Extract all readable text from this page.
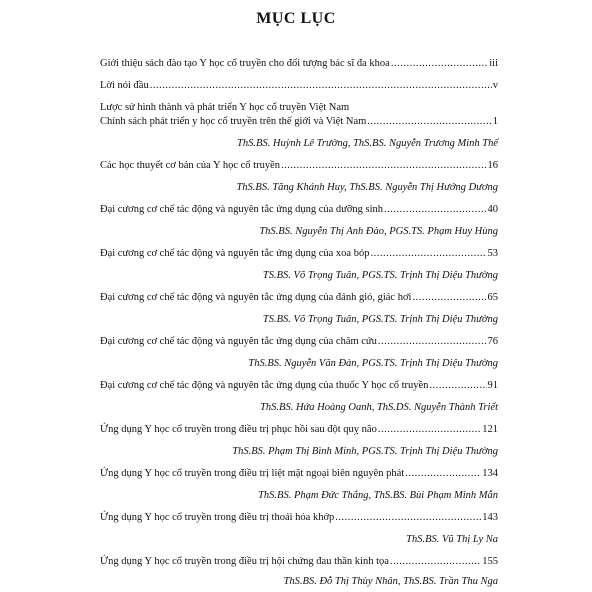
MỤC LỤC
Giới thiệu sách đào tạo Y học cổ truyền cho đối tượng bác sĩ đa khoa .....	iii
Lời nói đầu .....	v
Lược sử hình thành và phát triển Y học cổ truyền Việt Nam
Chính sách phát triển y học cổ truyền trên thế giới và Việt Nam .....	1
ThS.BS. Huỳnh Lê Trường, ThS.BS. Nguyễn Trương Minh Thế
Các học thuyết cơ bản của Y học cổ truyền .....	16
ThS.BS. Tăng Khánh Huy, ThS.BS. Nguyễn Thị Hướng Dương
Đại cương cơ chế tác động và nguyên tắc ứng dụng của dưỡng sinh .....	40
ThS.BS. Nguyễn Thị Anh Đào, PGS.TS. Phạm Huy Hùng
Đại cương cơ chế tác động và nguyên tắc ứng dụng của xoa bóp .....	53
TS.BS. Võ Trọng Tuân, PGS.TS. Trịnh Thị Diệu Thường
Đại cương cơ chế tác động và nguyên tắc ứng dụng của đánh gió, giác hơi .....	65
TS.BS. Võ Trọng Tuân, PGS.TS. Trịnh Thị Diệu Thường
Đại cương cơ chế tác động và nguyên tắc ứng dụng của châm cứu .....	76
ThS.BS. Nguyễn Văn Đàn, PGS.TS. Trịnh Thị Diệu Thường
Đại cương cơ chế tác động và nguyên tắc ứng dụng của thuốc Y học cổ truyền .....	91
ThS.BS. Hứa Hoàng Oanh, ThS.DS. Nguyễn Thành Triết
Ứng dụng Y học cổ truyền trong điều trị phục hồi sau đột quỵ não .....	121
ThS.BS. Phạm Thị Bình Minh, PGS.TS. Trịnh Thị Diệu Thường
Ứng dụng Y học cổ truyền trong điều trị liệt mặt ngoại biên nguyên phát .....	134
ThS.BS. Phạm Đức Thắng, ThS.BS. Bùi Phạm Minh Mẫn
Ứng dụng Y học cổ truyền trong điều trị thoái hóa khớp .....	143
ThS.BS. Vũ Thị Ly Na
Ứng dụng Y học cổ truyền trong điều trị hội chứng đau thần kinh tọa .....	155
ThS.BS. Đỗ Thị Thùy Nhân, ThS.BS. Trần Thu Nga
